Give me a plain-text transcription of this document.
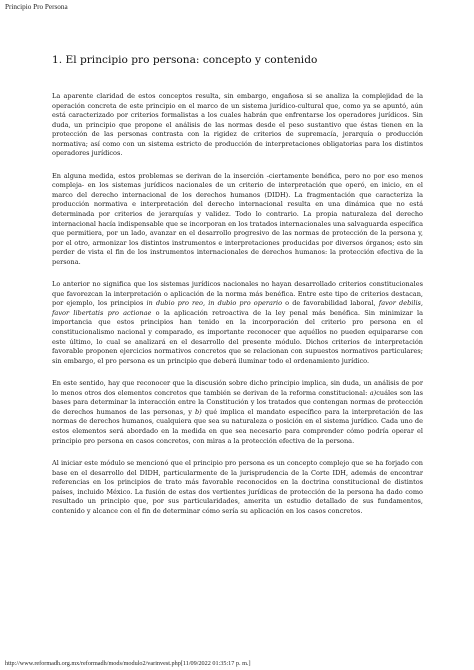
Principio Pro Persona
1. El principio pro persona: concepto y contenido

La aparente claridad de estos conceptos resulta, sin embargo, engañosa si se analiza la complejidad de la operación concreta de este principio en el marco de un sistema jurídico-cultural que, como ya se apuntó, aún está caracterizado por criterios formalistas a los cuales habrán que enfrentarse los operadores jurídicos. Sin duda, un principio que propone el análisis de las normas desde el peso sustantivo que éstas tienen en la protección de las personas contrasta con la rigidez de criterios de supremacía, jerarquía o producción normativa; así como con un sistema estricto de producción de interpretaciones obligatorias para los distintos operadores jurídicos.

En alguna medida, estos problemas se derivan de la inserción -ciertamente benéfica, pero no por eso menos compleja- en los sistemas jurídicos nacionales de un criterio de interpretación que operó, en inicio, en el marco del derecho internacional de los derechos humanos (DIDH). La fragmentación que caracteriza la producción normativa e interpretación del derecho internacional resulta en una dinámica que no está determinada por criterios de jerarquías y validez. Todo lo contrario. La propia naturaleza del derecho internacional hacía indispensable que se incorporan en los tratados internacionales una salvaguarda específica que permitiera, por un lado, avanzar en el desarrollo progresivo de las normas de protección de la persona y, por el otro, armonizar los distintos instrumentos e interpretaciones producidas por diversos órganos; esto sin perder de vista el fin de los instrumentos internacionales de derechos humanos: la protección efectiva de la persona.

Lo anterior no significa que los sistemas jurídicos nacionales no hayan desarrollado criterios constitucionales que favorezcan la interpretación o aplicación de la norma más benéfica. Entre este tipo de criterios destacan, por ejemplo, los principios in dubio pro reo, in dubio pro operario o de favorabilidad laboral, favor debilis, favor libertatis pro actionae o la aplicación retroactiva de la ley penal más benéfica. Sin minimizar la importancia que estos principios han tenido en la incorporación del criterio pro persona en el constitucionalismo nacional y comparado, es importante reconocer que aquéllos no pueden equipararse con este último, lo cual se analizará en el desarrollo del presente módulo. Dichos criterios de interpretación favorable proponen ejercicios normativos concretos que se relacionan con supuestos normativos particulares; sin embargo, el pro persona es un principio que deberá iluminar todo el ordenamiento jurídico.

En este sentido, hay que reconocer que la discusión sobre dicho principio implica, sin duda, un análisis de por lo menos otros dos elementos concretos que también se derivan de la reforma constitucional: a)cuáles son las bases para determinar la interacción entre la Constitución y los tratados que contengan normas de protección de derechos humanos de las personas, y b) qué implica el mandato específico para la interpretación de las normas de derechos humanos, cualquiera que sea su naturaleza o posición en el sistema jurídico. Cada uno de estos elementos será abordado en la medida en que sea necesario para comprender cómo podría operar el principio pro persona en casos concretos, con miras a la protección efectiva de la persona.

Al iniciar este módulo se mencionó que el principio pro persona es un concepto complejo que se ha forjado con base en el desarrollo del DIDH, particularmente de la jurisprudencia de la Corte IDH, además de encontrar referencias en los principios de trato más favorable reconocidos en la doctrina constitucional de distintos países, incluido México. La fusión de estas dos vertientes jurídicas de protección de la persona ha dado como resultado un principio que, por sus particularidades, amerita un estudio detallado de sus fundamentos, contenido y alcance con el fin de determinar cómo sería su aplicación en los casos concretos.

http://www.reformadh.org.mx/reformadh/mods/modulo2/varinvest.php[11/09/2022 01:35:17 p. m.]
